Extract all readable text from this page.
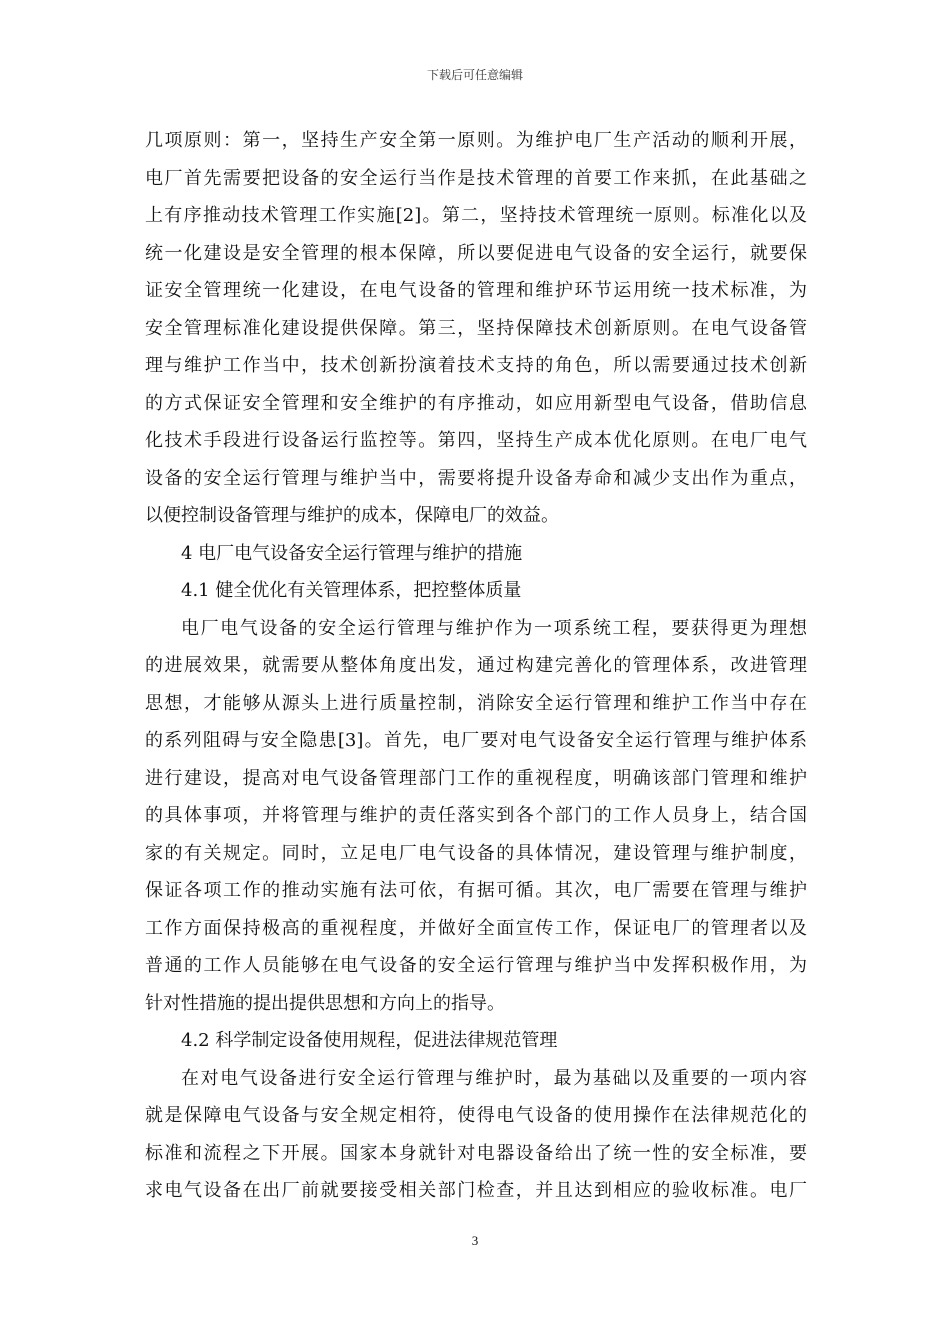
下载后可任意编辑
几项原则：第一，坚持生产安全第一原则。为维护电厂生产活动的顺利开展，
电厂首先需要把设备的安全运行当作是技术管理的首要工作来抓，在此基础之
上有序推动技术管理工作实施[2]。第二，坚持技术管理统一原则。标准化以及
统一化建设是安全管理的根本保障，所以要促进电气设备的安全运行，就要保
证安全管理统一化建设，在电气设备的管理和维护环节运用统一技术标准，为
安全管理标准化建设提供保障。第三，坚持保障技术创新原则。在电气设备管
理与维护工作当中，技术创新扮演着技术支持的角色，所以需要通过技术创新
的方式保证安全管理和安全维护的有序推动，如应用新型电气设备，借助信息
化技术手段进行设备运行监控等。第四，坚持生产成本优化原则。在电厂电气
设备的安全运行管理与维护当中，需要将提升设备寿命和减少支出作为重点，
以便控制设备管理与维护的成本，保障电厂的效益。
4 电厂电气设备安全运行管理与维护的措施
4.1 健全优化有关管理体系，把控整体质量
电厂电气设备的安全运行管理与维护作为一项系统工程，要获得更为理想
的进展效果，就需要从整体角度出发，通过构建完善化的管理体系，改进管理
思想，才能够从源头上进行质量控制，消除安全运行管理和维护工作当中存在
的系列阻碍与安全隐患[3]。首先，电厂要对电气设备安全运行管理与维护体系
进行建设，提高对电气设备管理部门工作的重视程度，明确该部门管理和维护
的具体事项，并将管理与维护的责任落实到各个部门的工作人员身上，结合国
家的有关规定。同时，立足电厂电气设备的具体情况，建设管理与维护制度，
保证各项工作的推动实施有法可依，有据可循。其次，电厂需要在管理与维护
工作方面保持极高的重视程度，并做好全面宣传工作，保证电厂的管理者以及
普通的工作人员能够在电气设备的安全运行管理与维护当中发挥积极作用，为
针对性措施的提出提供思想和方向上的指导。
4.2 科学制定设备使用规程，促进法律规范管理
在对电气设备进行安全运行管理与维护时，最为基础以及重要的一项内容
就是保障电气设备与安全规定相符，使得电气设备的使用操作在法律规范化的
标准和流程之下开展。国家本身就针对电器设备给出了统一性的安全标准，要
求电气设备在出厂前就要接受相关部门检查，并且达到相应的验收标准。电厂
3
